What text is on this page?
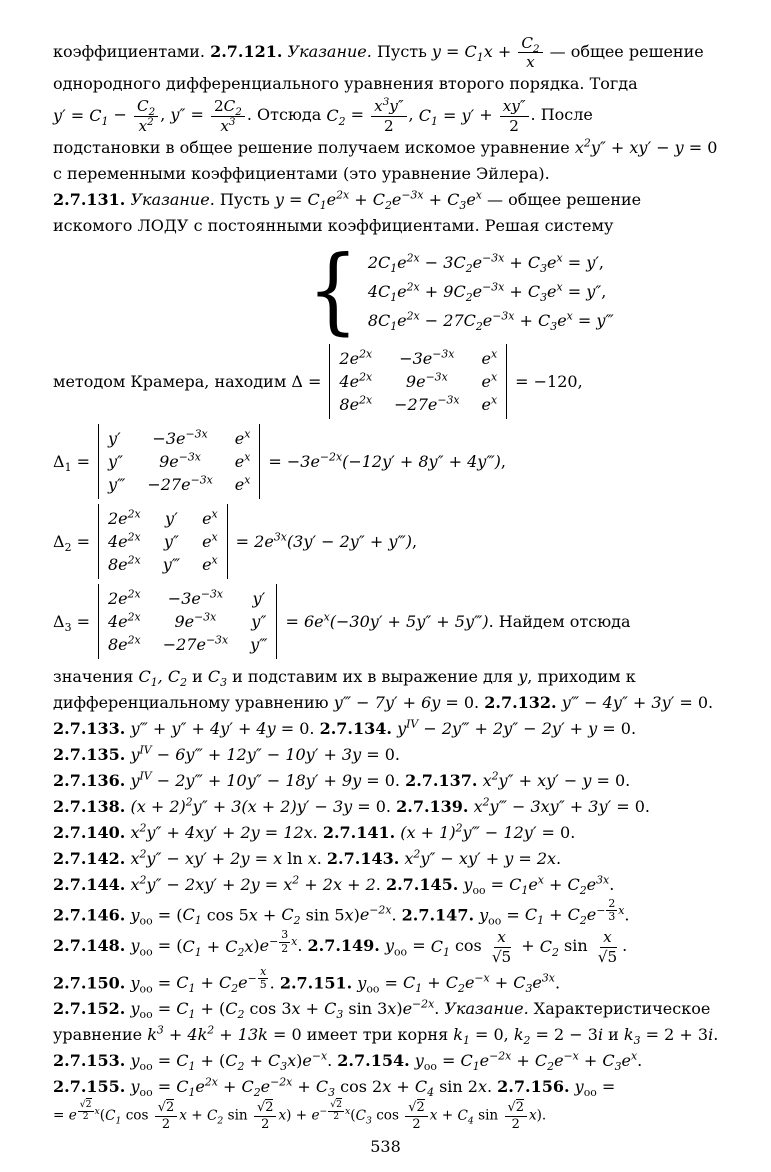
коэффициентами. 2.7.121. Указание. Пусть $y = C_1x + \frac{C_2}{x}$ — общее решение
однородного дифференциального уравнения второго порядка. Тогда
$y' = C_1 - \frac{C_2}{x^2}$ , $y'' = \frac{2C_2}{x^3}$ . Отсюда $C_2 = \frac{x^3y''}{2}$ , $C_1 = y' + \frac{xy''}{2}$ . После
подстановки в общее решение получаем искомое уравнение $x^2y'' + xy' - y = 0$
с переменными коэффициентами (это уравнение Эйлера).
2.7.131. Указание. Пусть $y = C_1e^{2x} + C_2e^{-3x} + C_3e^x$ — общее решение
искомого ЛОДУ с постоянными коэффициентами. Решая систему
{ $2C_1e^{2x} - 3C_2e^{-3x} + C_3e^x = y'$,
$4C_1e^{2x} + 9C_2e^{-3x} + C_3e^x = y''$,
$8C_1e^{2x} - 27C_2e^{-3x} + C_3e^x$ = y‴
методом Крамера, находим Δ =
$2e^{2x}$	$-3e^{-3x}$	$e^x$
$4e^{2x}$	$9e^{-3x}$	$e^x$
$8e^{2x} -27e^{-3x}$ $e^x$
= −120,
$\Delta_1$ =
y′	$-3e^{-3x}$	$e^x$
y″	$9e^{-3x}$	$e^x$
y‴ $-27e^{-3x}$ $e^x$
= $-3e^{-2x}(-12y' + 8y''$ + 4y‴),
$\Delta_2$ =
$2e^{2x}$ y′ $e^x$
$4e^{2x}$ y″ $e^x$
$8e^{2x}$ y‴ $e^x$
= $2e^{3x}(3y' - 2y''$ + y‴),
$\Delta_3$ =
$2e^{2x}$	$-3e^{-3x}$	y′
$4e^{2x}$	$9e^{-3x}$	y″
$8e^{2x} -27e^{-3x}$ y‴
= $6e^x(-30y' + 5y''$ + 5y‴). Найдем отсюда
значения $C_1$, $C_2$ и $C_3$ и подставим их в выражение для y, приходим к
дифференциальному уравнению y‴ − 7y′ + 6y = 0. 2.7.132. y‴ − 4y″ + 3y′ = 0.
2.7.133. y‴ + y″ + 4y′ + 4y = 0. 2.7.134. $y^{IV}$ − 2y‴ + 2y″ − 2y′ + y = 0.
2.7.135. $y^{IV}$ − 6y‴ + 12y″ − 10y′ + 3y = 0.
2.7.136. $y^{IV}$ − 2y‴ + 10y″ − 18y′ + 9y = 0. 2.7.137. $x^2y'' + xy' - y = 0$.
2.7.138. $(x + 2)^2y'' + 3(x + 2)y' - 3y = 0$. 2.7.139. $x^2y‴ - 3xy'' + 3y' = 0$.
2.7.140. $x^2y'' + 4xy' + 2y = 12x$. 2.7.141. $(x + 1)^2y‴ - 12y' = 0$.
2.7.142. $x^2y'' - xy' + 2y = x$ ln x. 2.7.143. $x^2y'' - xy' + y = 2x$.
2.7.144. $x^2y'' - 2xy' + 2y = x^2 + 2x + 2$. 2.7.145. $y_{оо} = C_1e^x + C_2e^{3x}$.
2.7.146. $y_{оо} = (C_1$ $\cos 5x + C_2$ $\sin 5x)e^{-2x}$. 2.7.147. $y_{оо} = C_1 + C_2e^{- \frac{2}{3} x}$.
2.7.148. $y_{оо} = (C_1 + C_2x)e^{- \frac{3}{2} x}$. 2.7.149. $y_{оо} = C_1$ $\cos \frac{x}{√5} + C_2$ $\sin \frac{x}{√5}$ .
2.7.150. $y_{оо} = C_1 + C_2e^{- \frac{x}{5}}$ . 2.7.151. $y_{оо} = C_1 + C_2e^{-x} + C_3e^{3x}$.
2.7.152. $y_{оо} = C_1 + (C_2$ $\cos 3x + C_3$ $\sin 3x)e^{-2x}$. Указание. Характеристическое
уравнение $k^3 + 4k^2 + 13k = 0$ имеет три корня $k_1 = 0$, $k_2 = 2 - 3i$ и $k_3 = 2 + 3i$.
2.7.153. $y_{оо} = C_1 + (C_2 + C_3x)e^{-x}$. 2.7.154. $y_{оо} = C_1e^{-2x} + C_2e^{-x} + C_3e^x$.
2.7.155. $y_{оо} = C_1e^{2x} + C_2e^{-2x} + C_3$ $\cos 2x + C_4$ sin 2x. 2.7.156. $y_{оо}$ =
= e $^{\frac{√2}{2} x}(C_1$ $\cos \frac{√2}{2}$ $x + C_2$ $\sin \frac{√2}{2} x) + e^{- \frac{√2}{2} x}(C_3$ $\cos \frac{√2}{2}$ $x + C_4$ $\sin \frac{√2}{2} x$).
538
